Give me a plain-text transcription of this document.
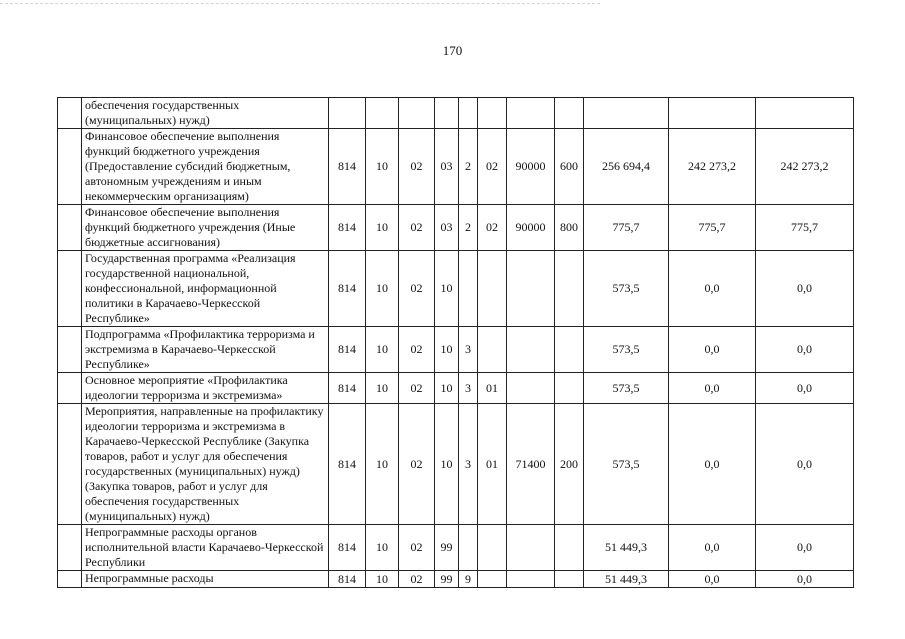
170
	обеспечения государственных (муниципальных) нужд)											
	Финансовое обеспечение выполнения функций бюджетного учреждения (Предоставление субсидий бюджетным, автономным учреждениям и иным некоммерческим организациям)	814	10	02	03	2	02	90000	600	256 694,4	242 273,2	242 273,2
	Финансовое обеспечение выполнения функций бюджетного учреждения (Иные бюджетные ассигнования)	814	10	02	03	2	02	90000	800	775,7	775,7	775,7
	Государственная программа «Реализация государственной национальной, конфессиональной, информационной политики в Карачаево-Черкесской Республике»	814	10	02	10					573,5	0,0	0,0
	Подпрограмма «Профилактика терроризма и экстремизма в Карачаево-Черкесской Республике»	814	10	02	10	3				573,5	0,0	0,0
	Основное мероприятие «Профилактика идеологии терроризма и экстремизма»	814	10	02	10	3	01			573,5	0,0	0,0
	Мероприятия, направленные на профилактику идеологии терроризма и экстремизма в Карачаево-Черкесской Республике (Закупка товаров, работ и услуг для обеспечения государственных (муниципальных) нужд) (Закупка товаров, работ и услуг для обеспечения государственных (муниципальных) нужд)	814	10	02	10	3	01	71400	200	573,5	0,0	0,0
	Непрограммные расходы органов исполнительной власти Карачаево-Черкесской Республики	814	10	02	99					51 449,3	0,0	0,0
	Непрограммные расходы	814	10	02	99	9				51 449,3	0,0	0,0
